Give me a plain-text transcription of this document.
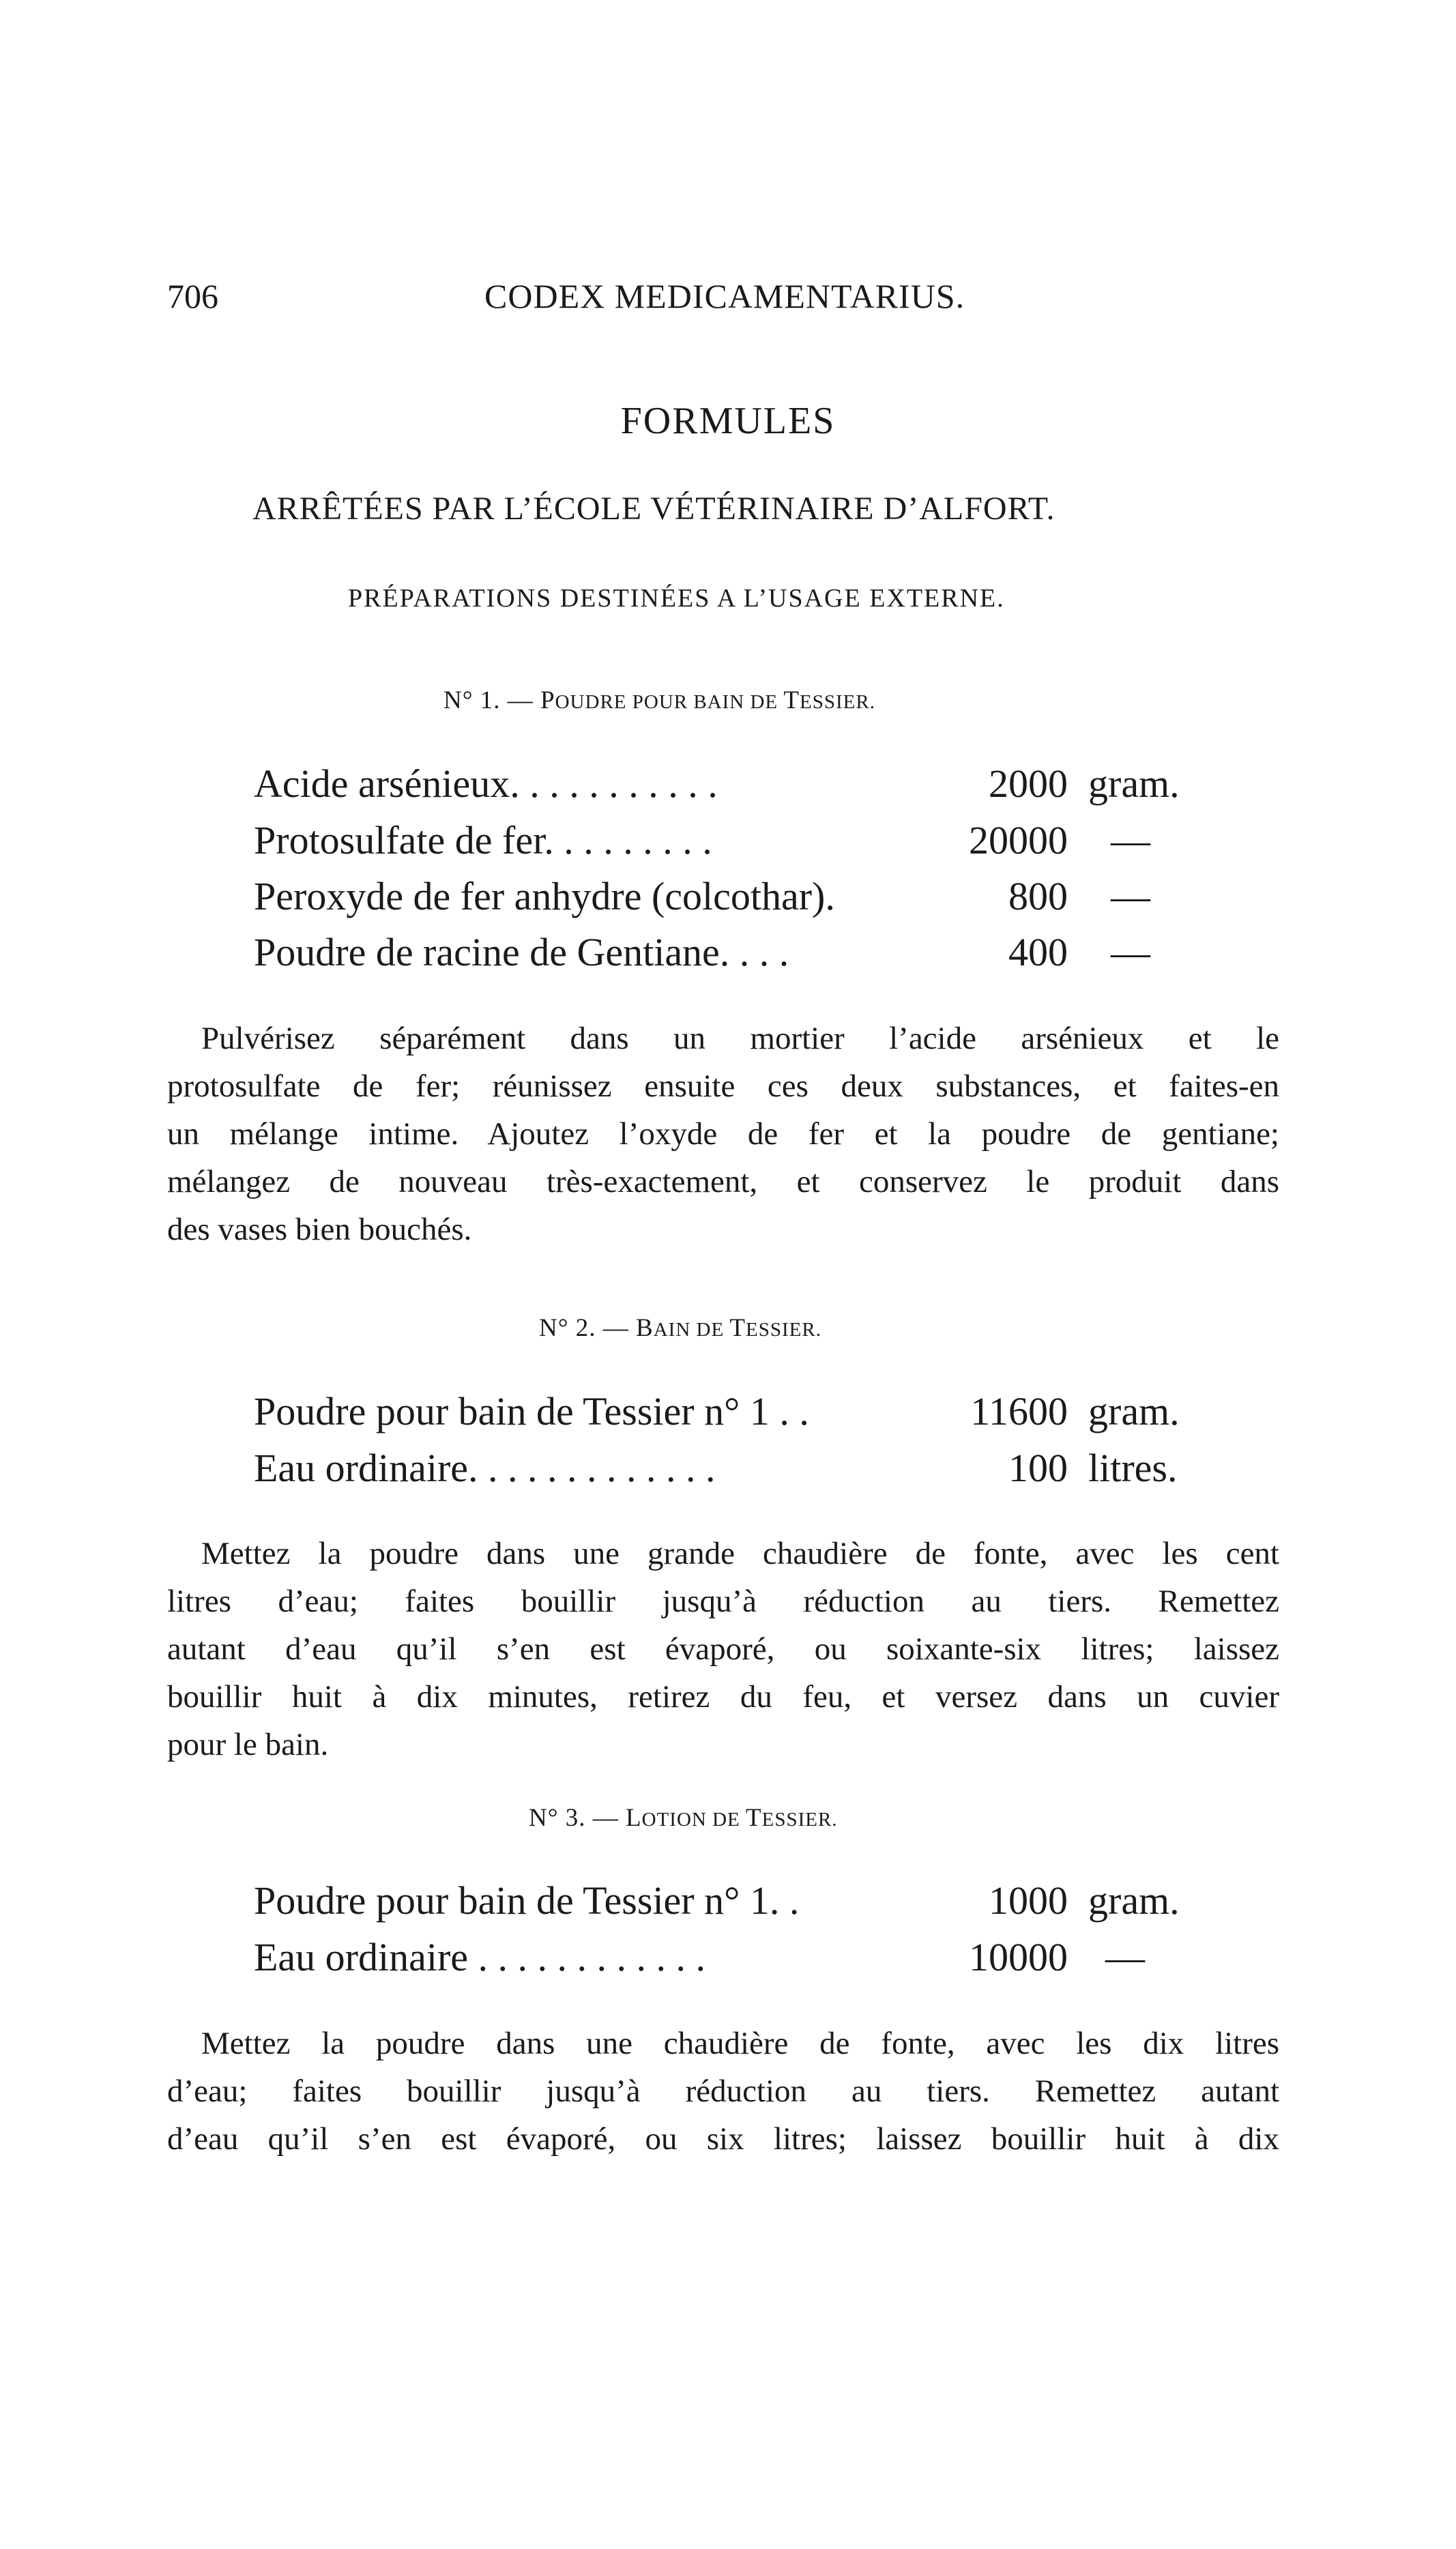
706	CODEX MEDICAMENTARIUS.
FORMULES
ARRÊTÉES PAR L’ÉCOLE VÉTÉRINAIRE D’ALFORT.
PRÉPARATIONS DESTINÉES A L’USAGE EXTERNE.
N° 1. — POUDRE POUR BAIN DE TESSIER.
Acide arsénieux. . . . . . . . . . .	2000 gram.
Protosulfate de fer. . . . . . . . .	20000 —
Peroxyde de fer anhydre (colcothar).	800 —
Poudre de racine de Gentiane. . . .	400 —
Pulvérisez séparément dans un mortier l’acide arsénieux et le
protosulfate de fer; réunissez ensuite ces deux substances, et faites-en
un mélange intime. Ajoutez l’oxyde de fer et la poudre de gentiane;
mélangez de nouveau très-exactement, et conservez le produit dans
des vases bien bouchés.
N° 2. — BAIN DE TESSIER.
Poudre pour bain de Tessier n° 1 . .	11600 gram.
Eau ordinaire. . . . . . . . . . . . .	100 litres.
Mettez la poudre dans une grande chaudière de fonte, avec les cent
litres d’eau; faites bouillir jusqu’à réduction au tiers. Remettez
autant d’eau qu’il s’en est évaporé, ou soixante-six litres; laissez
bouillir huit à dix minutes, retirez du feu, et versez dans un cuvier
pour le bain.
N° 3. — LOTION DE TESSIER.
Poudre pour bain de Tessier n° 1. .	1000 gram.
Eau ordinaire . . . . . . . . . . . .	10000 —
Mettez la poudre dans une chaudière de fonte, avec les dix litres
d’eau; faites bouillir jusqu’à réduction au tiers. Remettez autant
d’eau qu’il s’en est évaporé, ou six litres; laissez bouillir huit à dix
